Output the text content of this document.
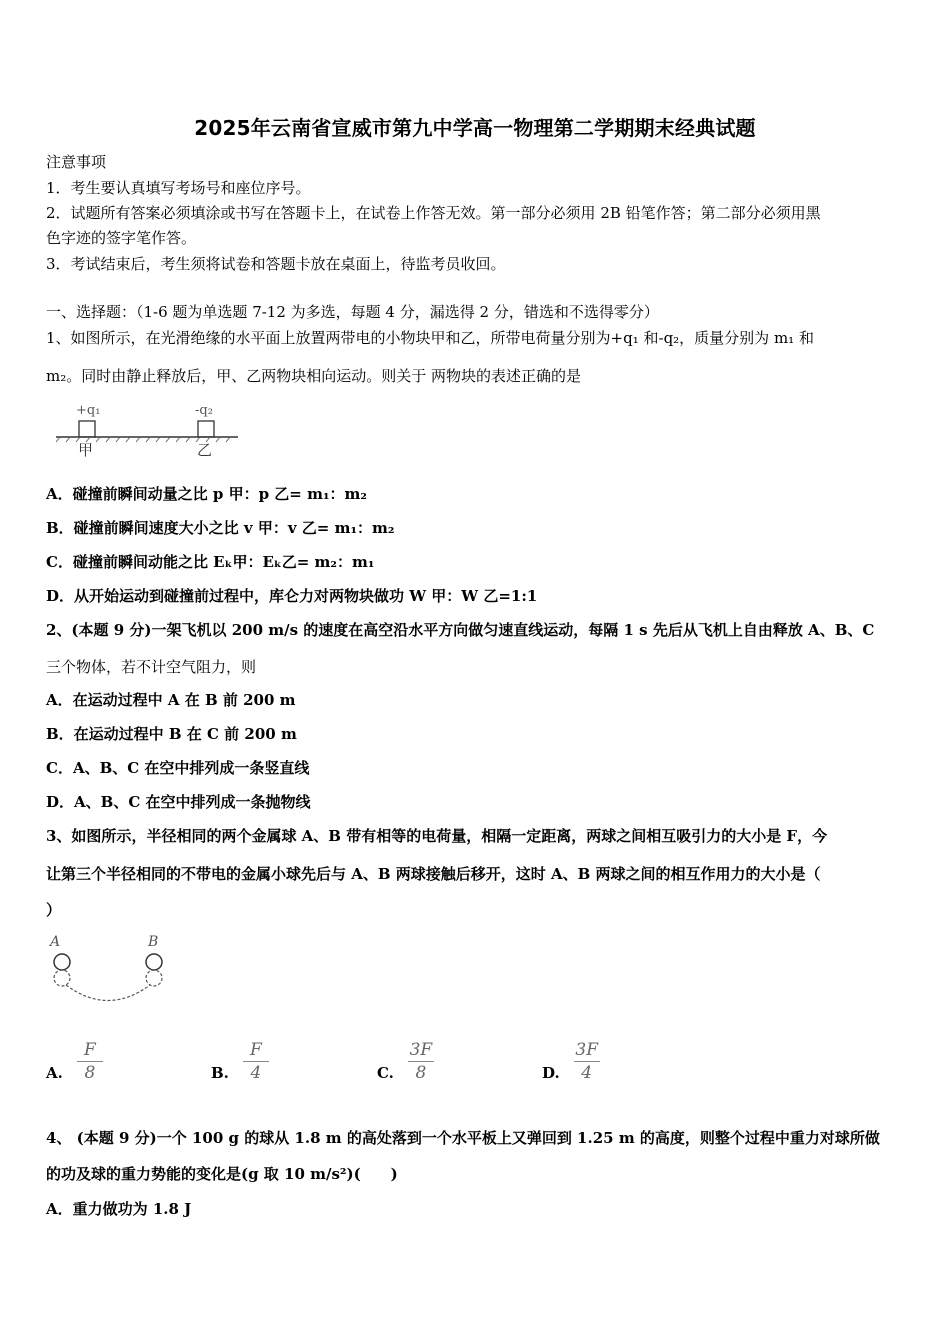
2025年云南省宣威市第九中学高一物理第二学期期末经典试题
注意事项
1．考生要认真填写考场号和座位序号。
2．试题所有答案必须填涂或书写在答题卡上，在试卷上作答无效。第一部分必须用 2B 铅笔作答；第二部分必须用黑
色字迹的签字笔作答。
3．考试结束后，考生须将试卷和答题卡放在桌面上，待监考员收回。
一、选择题：（1-6 题为单选题 7-12 为多选，每题 4 分，漏选得 2 分，错选和不选得零分）
1、如图所示，在光滑绝缘的水平面上放置两带电的小物块甲和乙，所带电荷量分别为+q₁ 和-q₂，质量分别为 m₁ 和
m₂。同时由静止释放后，甲、乙两物块相向运动。则关于 两物块的表述正确的是
+q₁	-q₂
甲	乙
A．碰撞前瞬间动量之比 p 甲：p 乙= m₁：m₂
B．碰撞前瞬间速度大小之比 v 甲：v 乙= m₁：m₂
C．碰撞前瞬间动能之比 Eₖ甲：Eₖ乙= m₂：m₁
D．从开始运动到碰撞前过程中，库仑力对两物块做功 W 甲：W 乙=1:1
2、(本题 9 分)一架飞机以 200 m/s 的速度在高空沿水平方向做匀速直线运动，每隔 1 s 先后从飞机上自由释放 A、B、C
三个物体，若不计空气阻力，则
A．在运动过程中 A 在 B 前 200 m
B．在运动过程中 B 在 C 前 200 m
C．A、B、C 在空中排列成一条竖直线
D．A、B、C 在空中排列成一条抛物线
3、如图所示，半径相同的两个金属球 A、B 带有相等的电荷量，相隔一定距离，两球之间相互吸引力的大小是 F，今
让第三个半径相同的不带电的金属小球先后与 A、B 两球接触后移开，这时 A、B 两球之间的相互作用力的大小是（
）
A	B
A. $\frac{F}{8}$	B. $\frac{F}{4}$	C. $\frac{3F}{8}$	D. $\frac{3F}{4}$
4、 (本题 9 分)一个 100 g 的球从 1.8 m 的高处落到一个水平板上又弹回到 1.25 m 的高度，则整个过程中重力对球所做
的功及球的重力势能的变化是(g 取 10 m/s²)(　　)
A．重力做功为 1.8 J
